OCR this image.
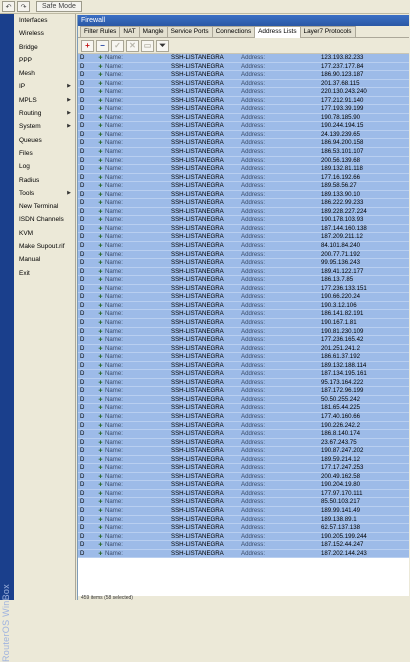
↶ ↷	Safe Mode
RouterOS WinBox
Interfaces
Wireless
Bridge
PPP
Mesh
IP	▶
MPLS	▶
Routing	▶
System	▶
Queues
Files
Log
Radius
Tools	▶
New Terminal
ISDN Channels
KVM
Make Supout.rif
Manual
Exit
Firewall
Filter Rules	NAT	Mangle	Service Ports	Connections	Address Lists	Layer7 Protocols
+ − ✓ ✕ ▭ ⏷
D	✚ Name:	SSH-LISTANEGRA	Address:	123.193.82.233
D	✚ Name:	SSH-LISTANEGRA	Address:	177.237.177.84
D	✚ Name:	SSH-LISTANEGRA	Address:	186.90.123.187
D	✚ Name:	SSH-LISTANEGRA	Address:	201.37.68.115
D	✚ Name:	SSH-LISTANEGRA	Address:	220.130.243.240
D	✚ Name:	SSH-LISTANEGRA	Address:	177.212.91.140
D	✚ Name:	SSH-LISTANEGRA	Address:	177.193.39.199
D	✚ Name:	SSH-LISTANEGRA	Address:	190.78.185.90
D	✚ Name:	SSH-LISTANEGRA	Address:	190.244.194.15
D	✚ Name:	SSH-LISTANEGRA	Address:	24.139.239.65
D	✚ Name:	SSH-LISTANEGRA	Address:	186.94.200.158
D	✚ Name:	SSH-LISTANEGRA	Address:	186.53.101.107
D	✚ Name:	SSH-LISTANEGRA	Address:	200.56.139.68
D	✚ Name:	SSH-LISTANEGRA	Address:	189.132.81.118
D	✚ Name:	SSH-LISTANEGRA	Address:	177.16.192.66
D	✚ Name:	SSH-LISTANEGRA	Address:	189.58.56.27
D	✚ Name:	SSH-LISTANEGRA	Address:	189.133.90.10
D	✚ Name:	SSH-LISTANEGRA	Address:	186.222.99.233
D	✚ Name:	SSH-LISTANEGRA	Address:	189.228.227.224
D	✚ Name:	SSH-LISTANEGRA	Address:	190.178.103.93
D	✚ Name:	SSH-LISTANEGRA	Address:	187.144.160.138
D	✚ Name:	SSH-LISTANEGRA	Address:	187.209.211.12
D	✚ Name:	SSH-LISTANEGRA	Address:	84.101.84.240
D	✚ Name:	SSH-LISTANEGRA	Address:	200.77.71.192
D	✚ Name:	SSH-LISTANEGRA	Address:	99.95.136.243
D	✚ Name:	SSH-LISTANEGRA	Address:	189.41.122.177
D	✚ Name:	SSH-LISTANEGRA	Address:	186.13.7.85
D	✚ Name:	SSH-LISTANEGRA	Address:	177.236.133.151
D	✚ Name:	SSH-LISTANEGRA	Address:	190.66.220.24
D	✚ Name:	SSH-LISTANEGRA	Address:	190.3.12.106
D	✚ Name:	SSH-LISTANEGRA	Address:	186.141.82.191
D	✚ Name:	SSH-LISTANEGRA	Address:	190.167.1.81
D	✚ Name:	SSH-LISTANEGRA	Address:	190.81.230.109
D	✚ Name:	SSH-LISTANEGRA	Address:	177.236.165.42
D	✚ Name:	SSH-LISTANEGRA	Address:	201.251.241.2
D	✚ Name:	SSH-LISTANEGRA	Address:	186.61.37.192
D	✚ Name:	SSH-LISTANEGRA	Address:	189.132.188.114
D	✚ Name:	SSH-LISTANEGRA	Address:	187.134.195.161
D	✚ Name:	SSH-LISTANEGRA	Address:	95.173.164.222
D	✚ Name:	SSH-LISTANEGRA	Address:	187.172.96.199
D	✚ Name:	SSH-LISTANEGRA	Address:	50.50.255.242
D	✚ Name:	SSH-LISTANEGRA	Address:	181.65.44.225
D	✚ Name:	SSH-LISTANEGRA	Address:	177.40.160.66
D	✚ Name:	SSH-LISTANEGRA	Address:	190.226.242.2
D	✚ Name:	SSH-LISTANEGRA	Address:	186.8.140.174
D	✚ Name:	SSH-LISTANEGRA	Address:	23.67.243.75
D	✚ Name:	SSH-LISTANEGRA	Address:	190.87.247.202
D	✚ Name:	SSH-LISTANEGRA	Address:	189.59.214.12
D	✚ Name:	SSH-LISTANEGRA	Address:	177.17.247.253
D	✚ Name:	SSH-LISTANEGRA	Address:	200.49.162.58
D	✚ Name:	SSH-LISTANEGRA	Address:	190.204.19.80
D	✚ Name:	SSH-LISTANEGRA	Address:	177.97.170.111
D	✚ Name:	SSH-LISTANEGRA	Address:	85.50.103.217
D	✚ Name:	SSH-LISTANEGRA	Address:	189.99.141.49
D	✚ Name:	SSH-LISTANEGRA	Address:	189.138.89.1
D	✚ Name:	SSH-LISTANEGRA	Address:	62.57.137.138
D	✚ Name:	SSH-LISTANEGRA	Address:	190.205.199.244
D	✚ Name:	SSH-LISTANEGRA	Address:	187.152.44.247
D	✚ Name:	SSH-LISTANEGRA	Address:	187.202.144.243
459 items (58 selected)
